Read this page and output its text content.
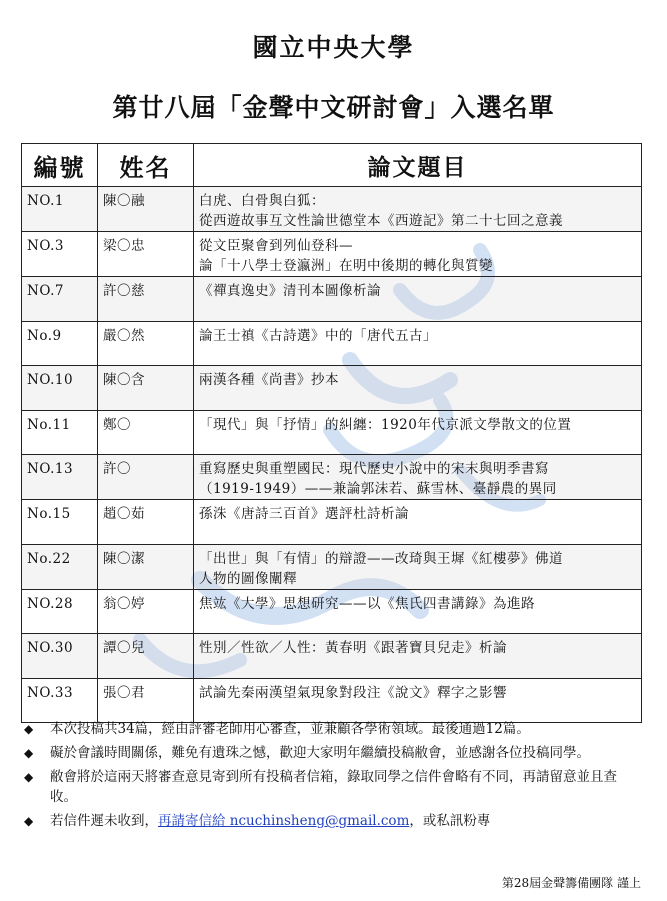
國立中央大學
第廿八屆「金聲中文研討會」入選名單
編號	姓名	論文題目
NO.1	陳〇融	白虎、白骨與白狐：
從西遊故事互文性論世德堂本《西遊記》第二十七回之意義
NO.3	梁〇忠	從文臣聚會到列仙登科—
論「十八學士登瀛洲」在明中後期的轉化與質變
NO.7	許〇慈	《禪真逸史》清刊本圖像析論
No.9	嚴〇然	論王士禛《古詩選》中的「唐代五古」
NO.10	陳〇含	兩漢各種《尚書》抄本
No.11	鄭〇	「現代」與「抒情」的糾纏：1920年代京派文學散文的位置
NO.13	許〇	重寫歷史與重塑國民：現代歷史小說中的宋末與明季書寫
（1919-1949）——兼論郭沫若、蘇雪林、臺靜農的異同
No.15	趙〇茹	孫洙《唐詩三百首》選評杜詩析論
No.22	陳〇潔	「出世」與「有情」的辯證——改琦與王墀《紅樓夢》佛道
人物的圖像闡釋
NO.28	翁〇婷	焦竑《大學》思想研究——以《焦氏四書講錄》為進路
NO.30	譚〇兒	性別／性欲／人性：黃春明《跟著寶貝兒走》析論
NO.33	張〇君	試論先秦兩漢望氣現象對段注《說文》釋字之影響
◆ 本次投稿共34篇，經由評審老師用心審查，並兼顧各學術領域。最後通過12篇。
◆ 礙於會議時間關係，難免有遺珠之憾，歡迎大家明年繼續投稿敝會，並感謝各位投稿同學。
◆ 敝會將於這兩天將審查意見寄到所有投稿者信箱，錄取同學之信件會略有不同，再請留意並且查收。
◆ 若信件遲未收到，再請寄信給 ncuchinsheng@gmail.com，或私訊粉專
第28屆金聲籌備團隊 謹上
